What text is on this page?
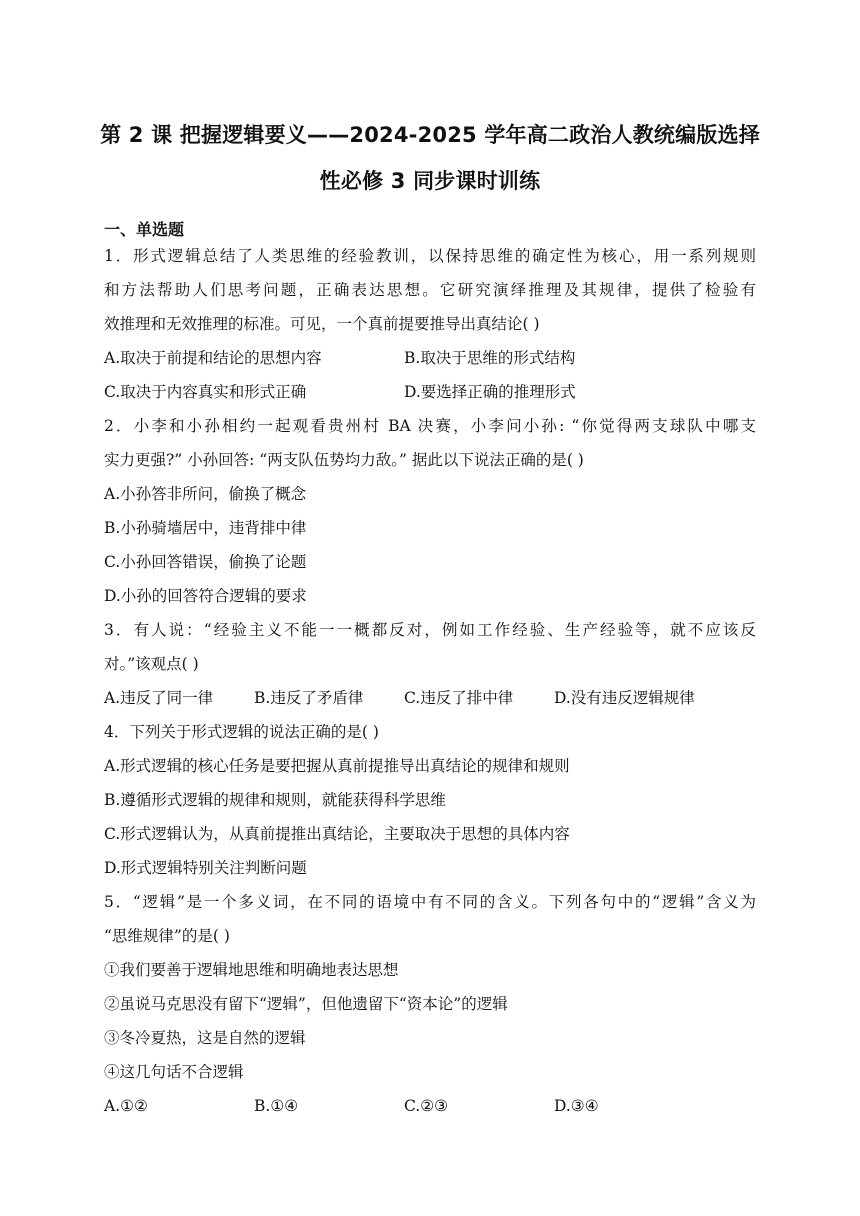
第 2 课 把握逻辑要义——2024-2025 学年高二政治人教统编版选择性必修 3 同步课时训练
一、单选题
1．形式逻辑总结了人类思维的经验教训，以保持思维的确定性为核心，用一系列规则
和方法帮助人们思考问题，正确表达思想。它研究演绎推理及其规律，提供了检验有
效推理和无效推理的标准。可见，一个真前提要推导出真结论( )
A.取决于前提和结论的思想内容	B.取决于思维的形式结构
C.取决于内容真实和形式正确	D.要选择正确的推理形式
2．小李和小孙相约一起观看贵州村 BA 决赛，小李问小孙: “你觉得两支球队中哪支
实力更强?” 小孙回答: “两支队伍势均力敌。” 据此以下说法正确的是( )
A.小孙答非所问，偷换了概念
B.小孙骑墙居中，违背排中律
C.小孙回答错误，偷换了论题
D.小孙的回答符合逻辑的要求
3．有人说：“经验主义不能一一概都反对，例如工作经验、生产经验等，就不应该反
对。”该观点( )
A.违反了同一律	B.违反了矛盾律	C.违反了排中律	D.没有违反逻辑规律
4．下列关于形式逻辑的说法正确的是( )
A.形式逻辑的核心任务是要把握从真前提推导出真结论的规律和规则
B.遵循形式逻辑的规律和规则，就能获得科学思维
C.形式逻辑认为，从真前提推出真结论，主要取决于思想的具体内容
D.形式逻辑特别关注判断问题
5．“逻辑”是一个多义词，在不同的语境中有不同的含义。下列各句中的“逻辑”含义为
“思维规律”的是( )
①我们要善于逻辑地思维和明确地表达思想
②虽说马克思没有留下“逻辑”，但他遗留下“资本论”的逻辑
③冬冷夏热，这是自然的逻辑
④这几句话不合逻辑
A.①②	B.①④	C.②③	D.③④
